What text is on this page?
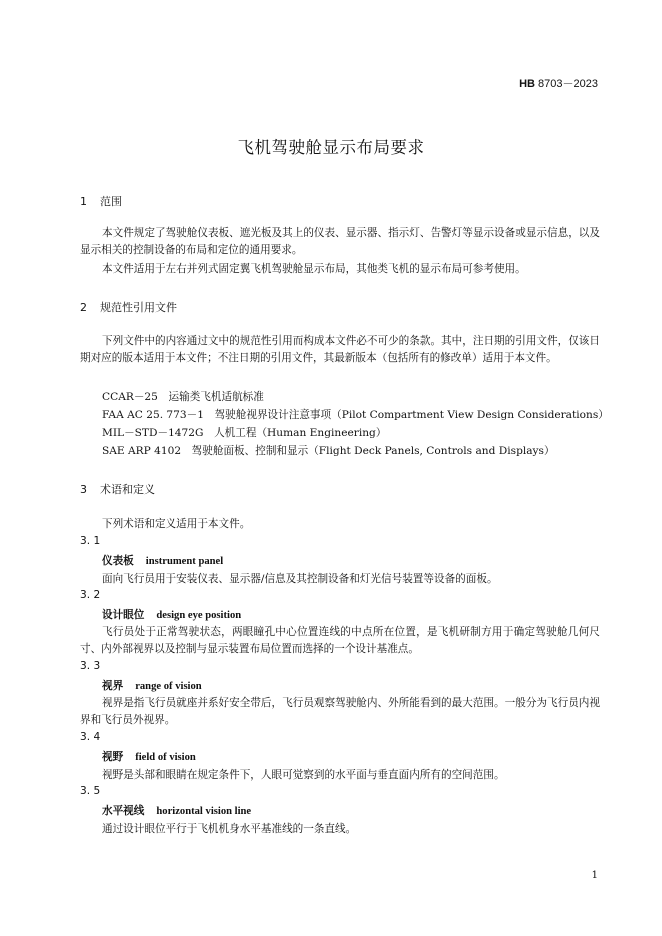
HB 8703－2023
飞机驾驶舱显示布局要求
1 范围
本文件规定了驾驶舱仪表板、遮光板及其上的仪表、显示器、指示灯、告警灯等显示设备或显示信息，以及显示相关的控制设备的布局和定位的通用要求。
本文件适用于左右并列式固定翼飞机驾驶舱显示布局，其他类飞机的显示布局可参考使用。
2 规范性引用文件
下列文件中的内容通过文中的规范性引用而构成本文件必不可少的条款。其中，注日期的引用文件，仅该日期对应的版本适用于本文件；不注日期的引用文件，其最新版本（包括所有的修改单）适用于本文件。
CCAR－25　运输类飞机适航标准
FAA AC 25. 773－1　驾驶舱视界设计注意事项（Pilot Compartment View Design Considerations）
MIL－STD－1472G　人机工程（Human Engineering）
SAE ARP 4102　驾驶舱面板、控制和显示（Flight Deck Panels, Controls and Displays）
3 术语和定义
下列术语和定义适用于本文件。
3. 1
仪表板 instrument panel
面向飞行员用于安装仪表、显示器/信息及其控制设备和灯光信号装置等设备的面板。
3. 2
设计眼位 design eye position
飞行员处于正常驾驶状态，两眼瞳孔中心位置连线的中点所在位置，是飞机研制方用于确定驾驶舱几何尺寸、内外部视界以及控制与显示装置布局位置而选择的一个设计基准点。
3. 3
视界 range of vision
视界是指飞行员就座并系好安全带后，飞行员观察驾驶舱内、外所能看到的最大范围。一般分为飞行员内视界和飞行员外视界。
3. 4
视野 field of vision
视野是头部和眼睛在规定条件下，人眼可觉察到的水平面与垂直面内所有的空间范围。
3. 5
水平视线 horizontal vision line
通过设计眼位平行于飞机机身水平基准线的一条直线。
1
